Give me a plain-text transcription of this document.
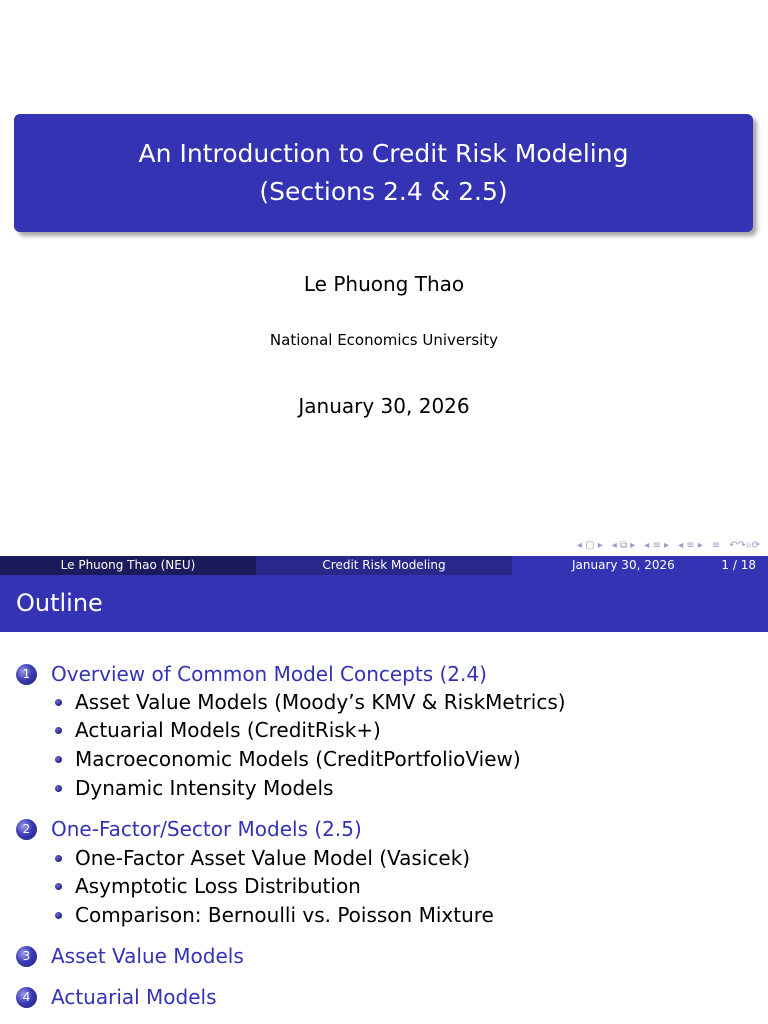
An Introduction to Credit Risk Modeling
(Sections 2.4 & 2.5)
Le Phuong Thao
National Economics University
January 30, 2026
◂ ▢ ▸ ◂ ⧉ ▸ ◂ ≡ ▸ ◂ ≡ ▸ ≡ ↶↷⌕⟳
Le Phuong Thao (NEU)	Credit Risk Modeling	January 30, 2026	1 / 18
Outline
1	Overview of Common Model Concepts (2.4)
Asset Value Models (Moody’s KMV & RiskMetrics)
Actuarial Models (CreditRisk+)
Macroeconomic Models (CreditPortfolioView)
Dynamic Intensity Models
2	One-Factor/Sector Models (2.5)
One-Factor Asset Value Model (Vasicek)
Asymptotic Loss Distribution
Comparison: Bernoulli vs. Poisson Mixture
3	Asset Value Models
4	Actuarial Models
